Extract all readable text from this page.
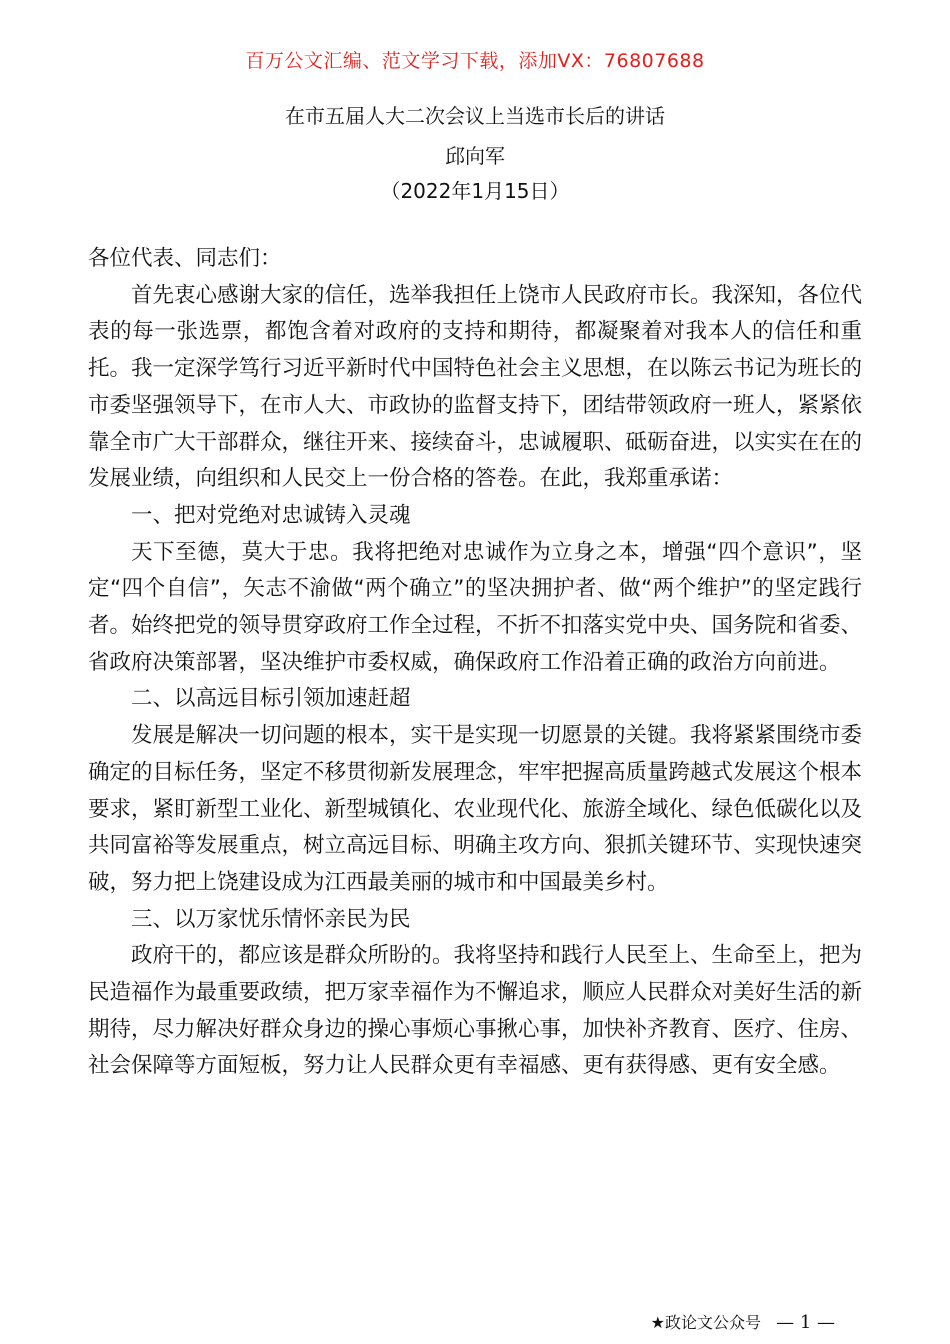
百万公文汇编、范文学习下载，添加VX：76807688
在市五届人大二次会议上当选市长后的讲话
邱向军
（2022年1月15日）

各位代表、同志们：

首先衷心感谢大家的信任，选举我担任上饶市人民政府市长。我深知，各位代表的每一张选票，都饱含着对政府的支持和期待，都凝聚着对我本人的信任和重托。我一定深学笃行习近平新时代中国特色社会主义思想，在以陈云书记为班长的市委坚强领导下，在市人大、市政协的监督支持下，团结带领政府一班人，紧紧依靠全市广大干部群众，继往开来、接续奋斗，忠诚履职、砥砺奋进，以实实在在的发展业绩，向组织和人民交上一份合格的答卷。在此，我郑重承诺：

一、把对党绝对忠诚铸入灵魂

天下至德，莫大于忠。我将把绝对忠诚作为立身之本，增强“四个意识”，坚定“四个自信”，矢志不渝做“两个确立”的坚决拥护者、做“两个维护”的坚定践行者。始终把党的领导贯穿政府工作全过程，不折不扣落实党中央、国务院和省委、省政府决策部署，坚决维护市委权威，确保政府工作沿着正确的政治方向前进。

二、以高远目标引领加速赶超

发展是解决一切问题的根本，实干是实现一切愿景的关键。我将紧紧围绕市委确定的目标任务，坚定不移贯彻新发展理念，牢牢把握高质量跨越式发展这个根本要求，紧盯新型工业化、新型城镇化、农业现代化、旅游全域化、绿色低碳化以及共同富裕等发展重点，树立高远目标、明确主攻方向、狠抓关键环节、实现快速突破，努力把上饶建设成为江西最美丽的城市和中国最美乡村。

三、以万家忧乐情怀亲民为民

政府干的，都应该是群众所盼的。我将坚持和践行人民至上、生命至上，把为民造福作为最重要政绩，把万家幸福作为不懈追求，顺应人民群众对美好生活的新期待，尽力解决好群众身边的操心事烦心事揪心事，加快补齐教育、医疗、住房、社会保障等方面短板，努力让人民群众更有幸福感、更有获得感、更有安全感。

★政论文公众号 — 1 —
